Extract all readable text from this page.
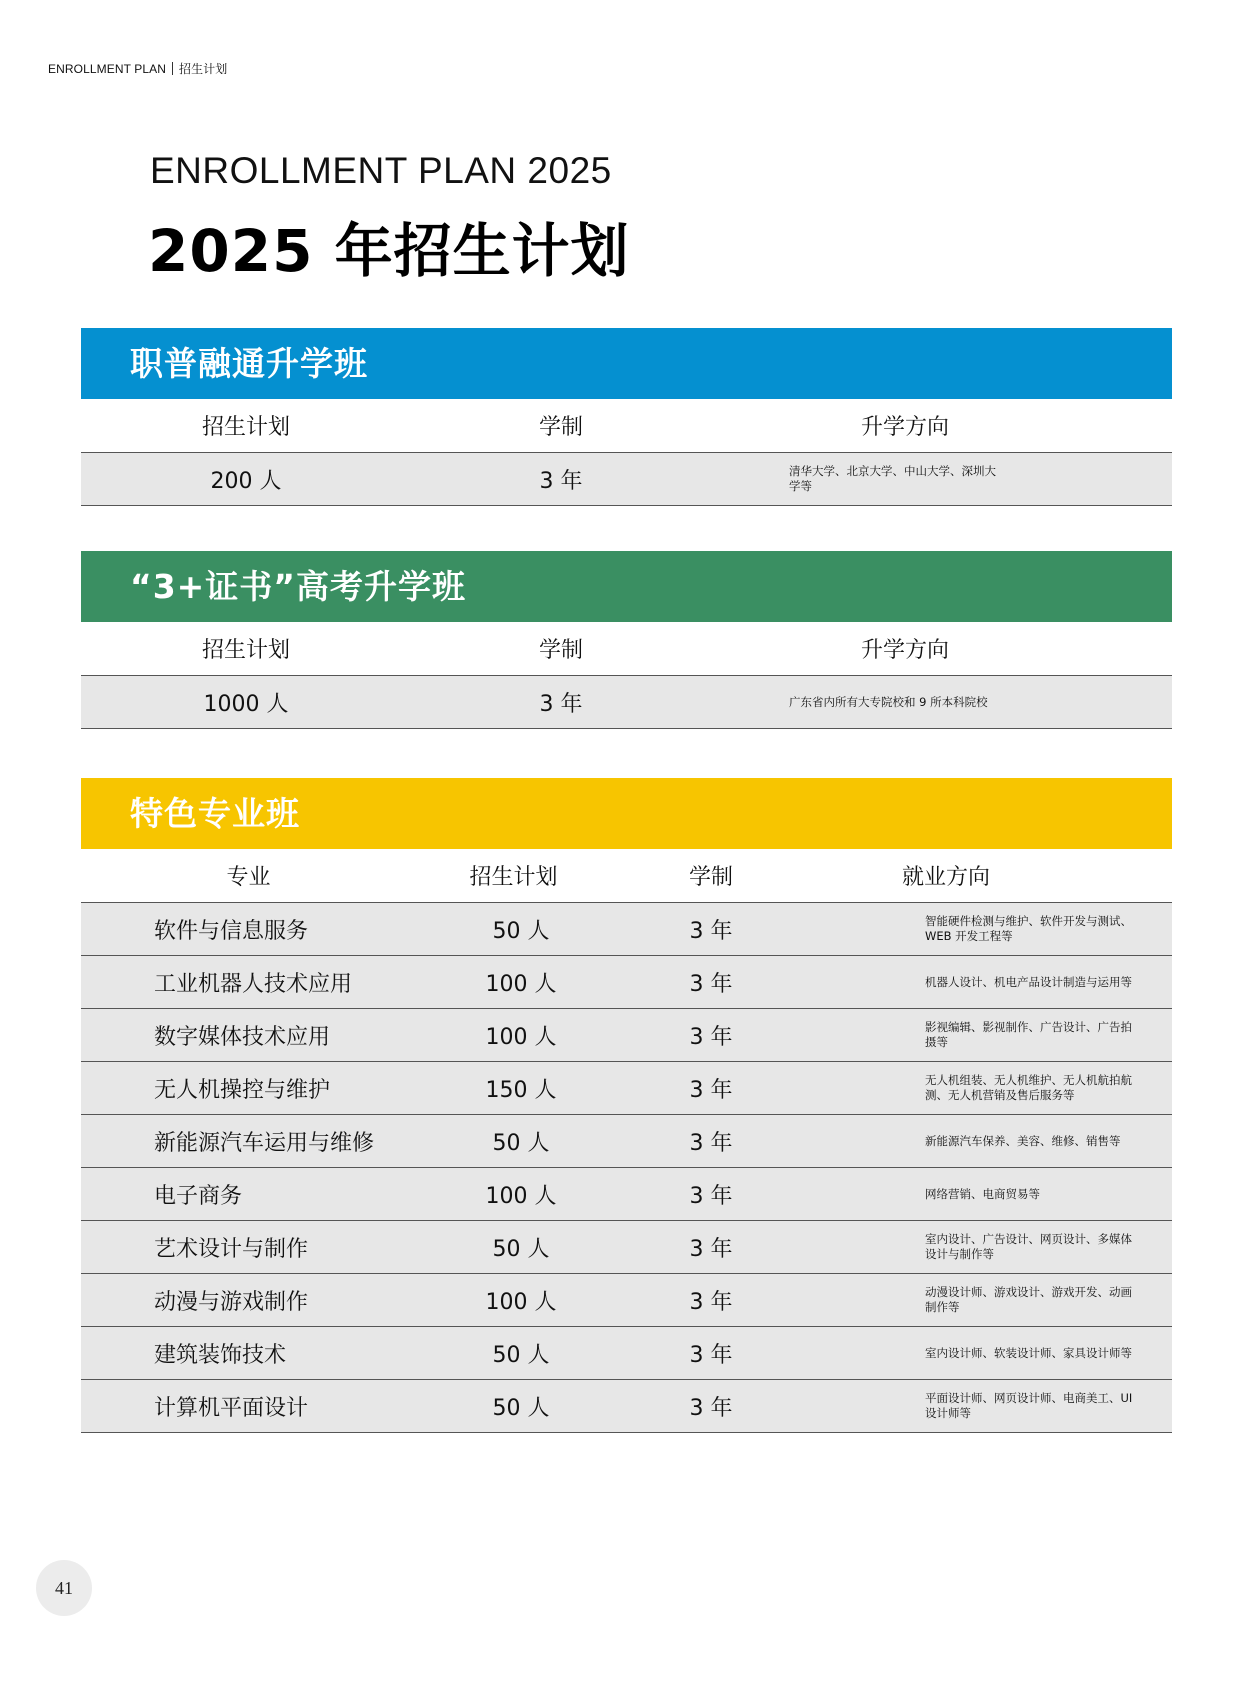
ENROLLMENT PLAN 招生计划
ENROLLMENT PLAN 2025
2025 年招生计划
职普融通升学班
招生计划	学制	升学方向
200 人	3 年	清华大学、北京大学、中山大学、深圳大学等
“3+证书”高考升学班
招生计划	学制	升学方向
1000 人	3 年	广东省内所有大专院校和 9 所本科院校
特色专业班
专业	招生计划	学制	就业方向
软件与信息服务	50 人	3 年	智能硬件检测与维护、软件开发与测试、WEB 开发工程等
工业机器人技术应用	100 人	3 年	机器人设计、机电产品设计制造与运用等
数字媒体技术应用	100 人	3 年	影视编辑、影视制作、广告设计、广告拍摄等
无人机操控与维护	150 人	3 年	无人机组装、无人机维护、无人机航拍航测、无人机营销及售后服务等
新能源汽车运用与维修	50 人	3 年	新能源汽车保养、美容、维修、销售等
电子商务	100 人	3 年	网络营销、电商贸易等
艺术设计与制作	50 人	3 年	室内设计、广告设计、网页设计、多媒体设计与制作等
动漫与游戏制作	100 人	3 年	动漫设计师、游戏设计、游戏开发、动画制作等
建筑装饰技术	50 人	3 年	室内设计师、软装设计师、家具设计师等
计算机平面设计	50 人	3 年	平面设计师、网页设计师、电商美工、UI 设计师等
41
